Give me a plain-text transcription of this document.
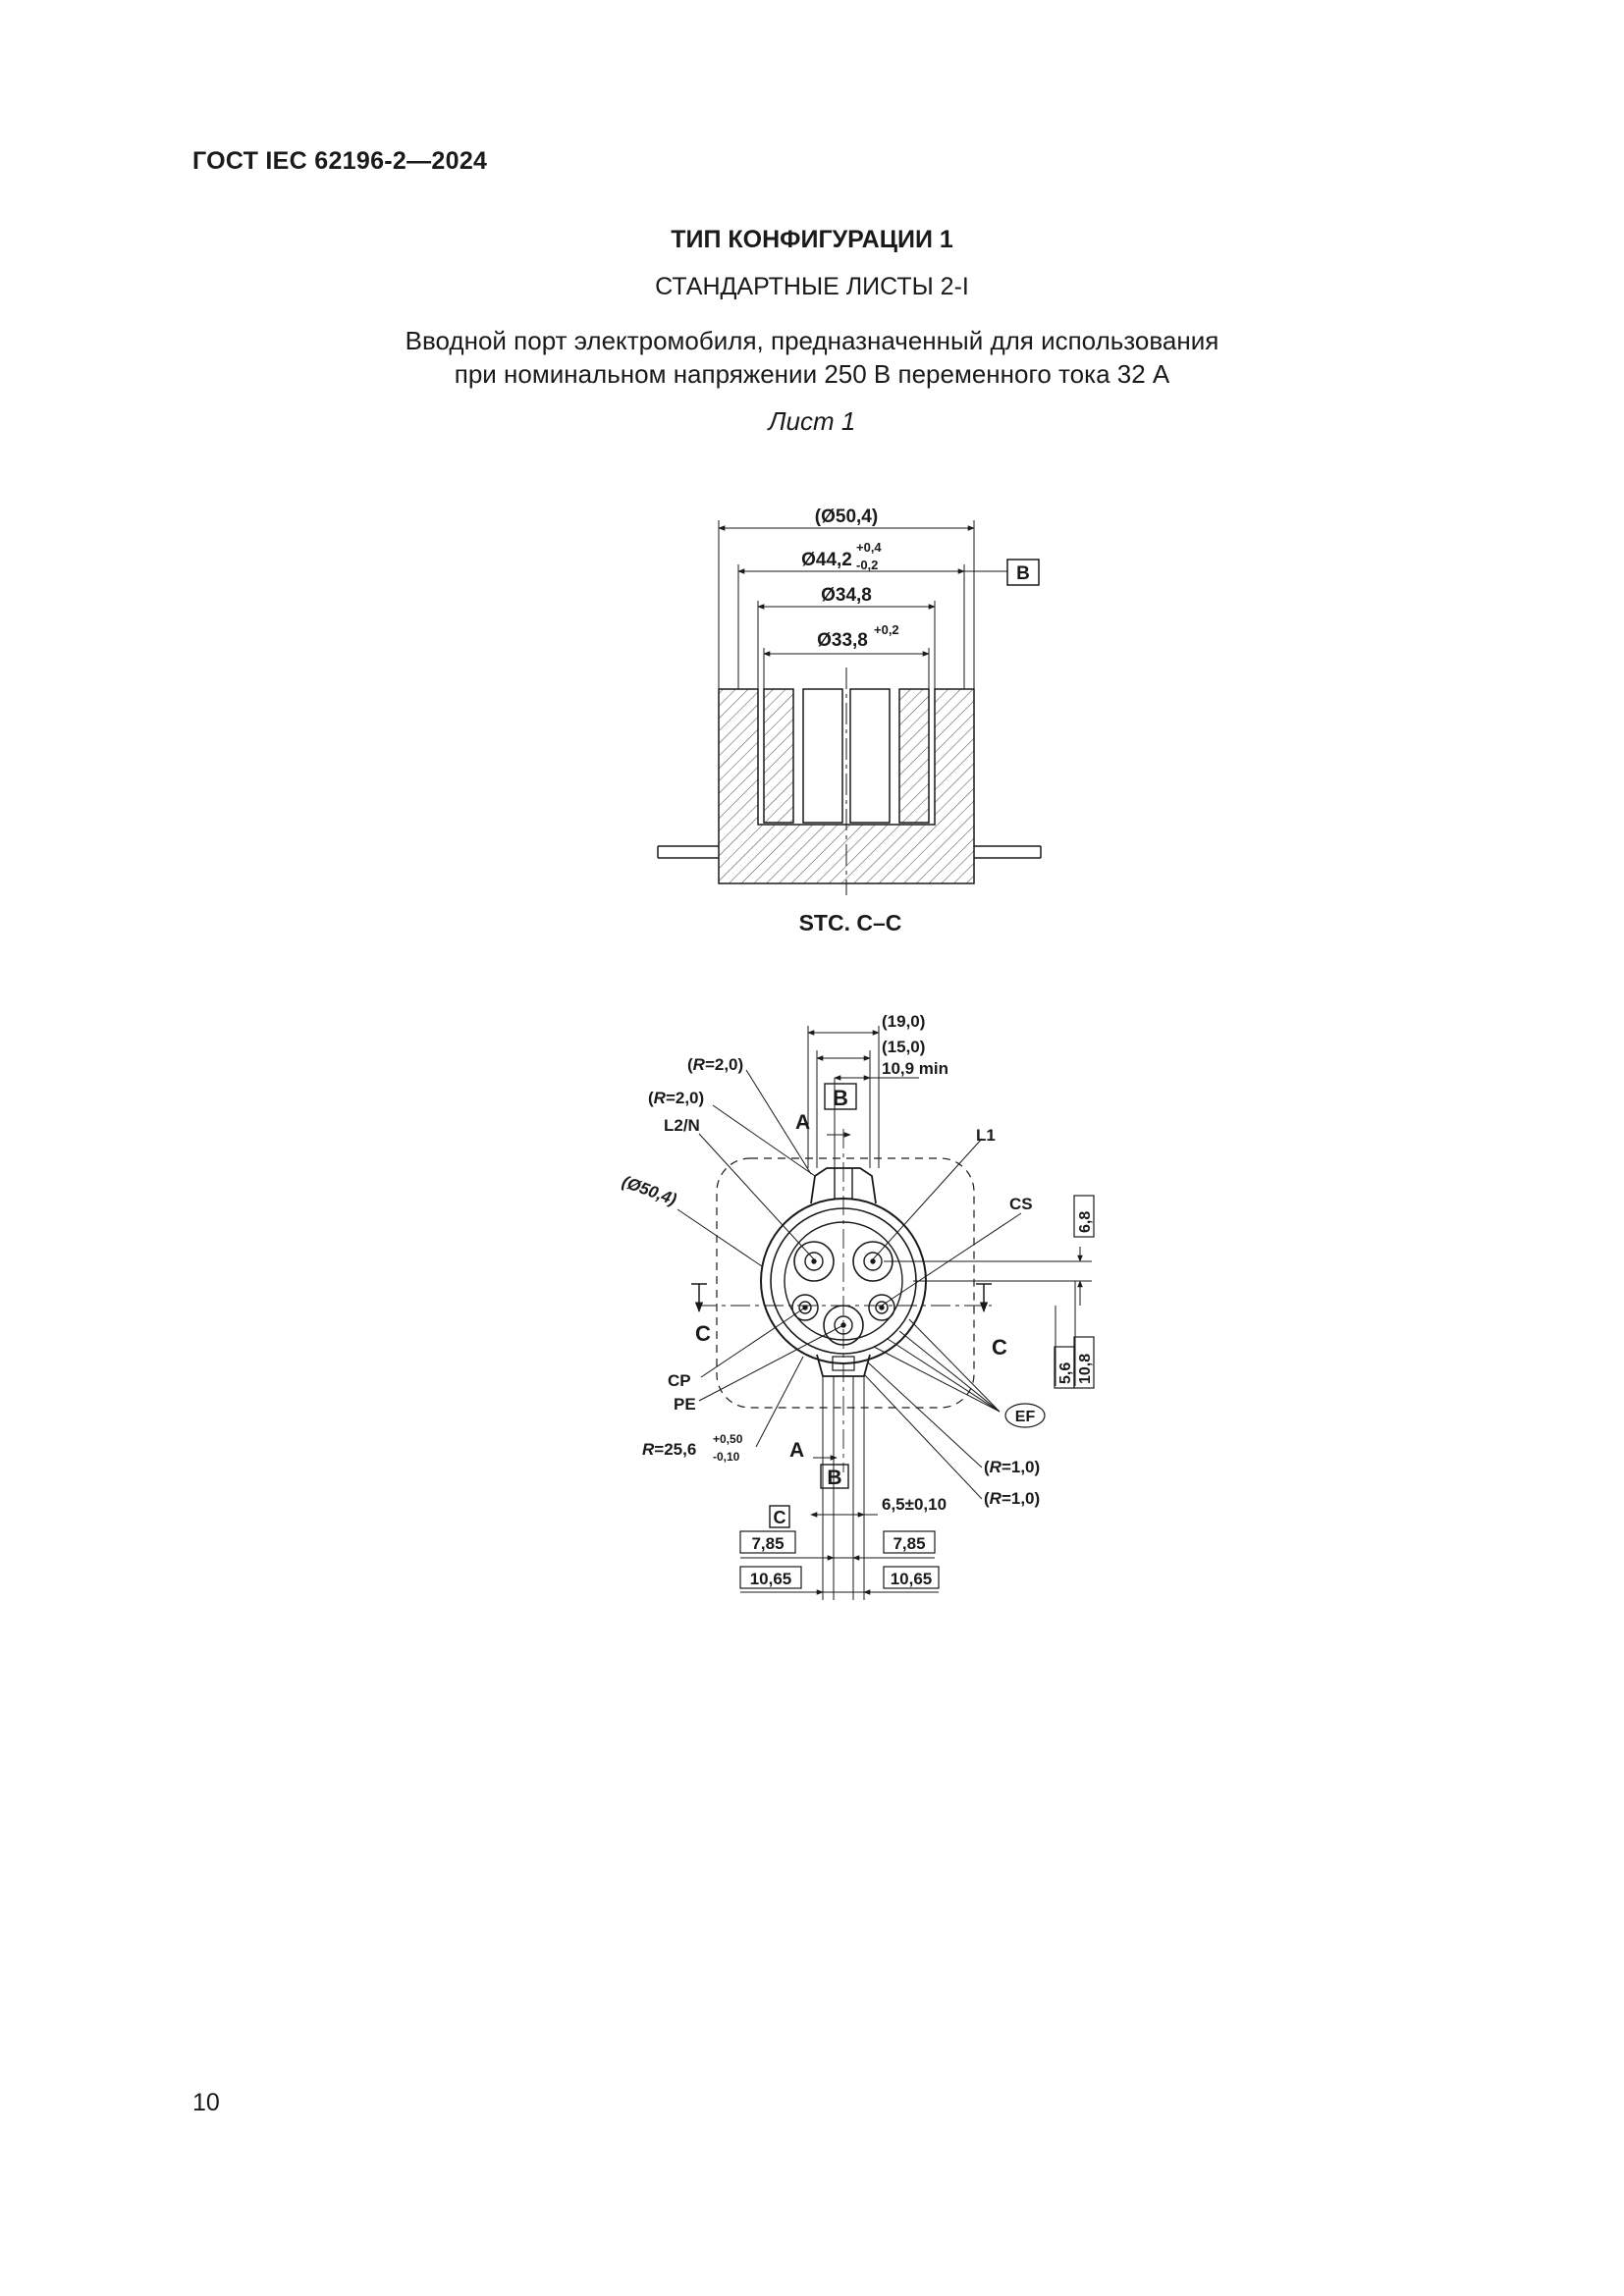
ГОСТ IEC 62196-2—2024
ТИП КОНФИГУРАЦИИ 1
СТАНДАРТНЫЕ ЛИСТЫ 2-I
Вводной порт электромобиля, предназначенный для использования
при номинальном напряжении 250 В переменного тока 32 А
Лист 1
(Ø50,4)
Ø44,2
+0,4
-0,2	B
Ø34,8
Ø33,8
+0,2
STC. C–C
(19,0)
(15,0)
10,9 min
(R=2,0)
(R=2,0)
A
B
L2/N
L1
(Ø50,4)	CS
6,8
C
C
5,6 10,8
CP
PE
EF
R=25,6
+0,50
-0,10 A
B	(R=1,0)
(R=1,0)
C
6,5±0,10
7,85	7,85
10,65	10,65
10
